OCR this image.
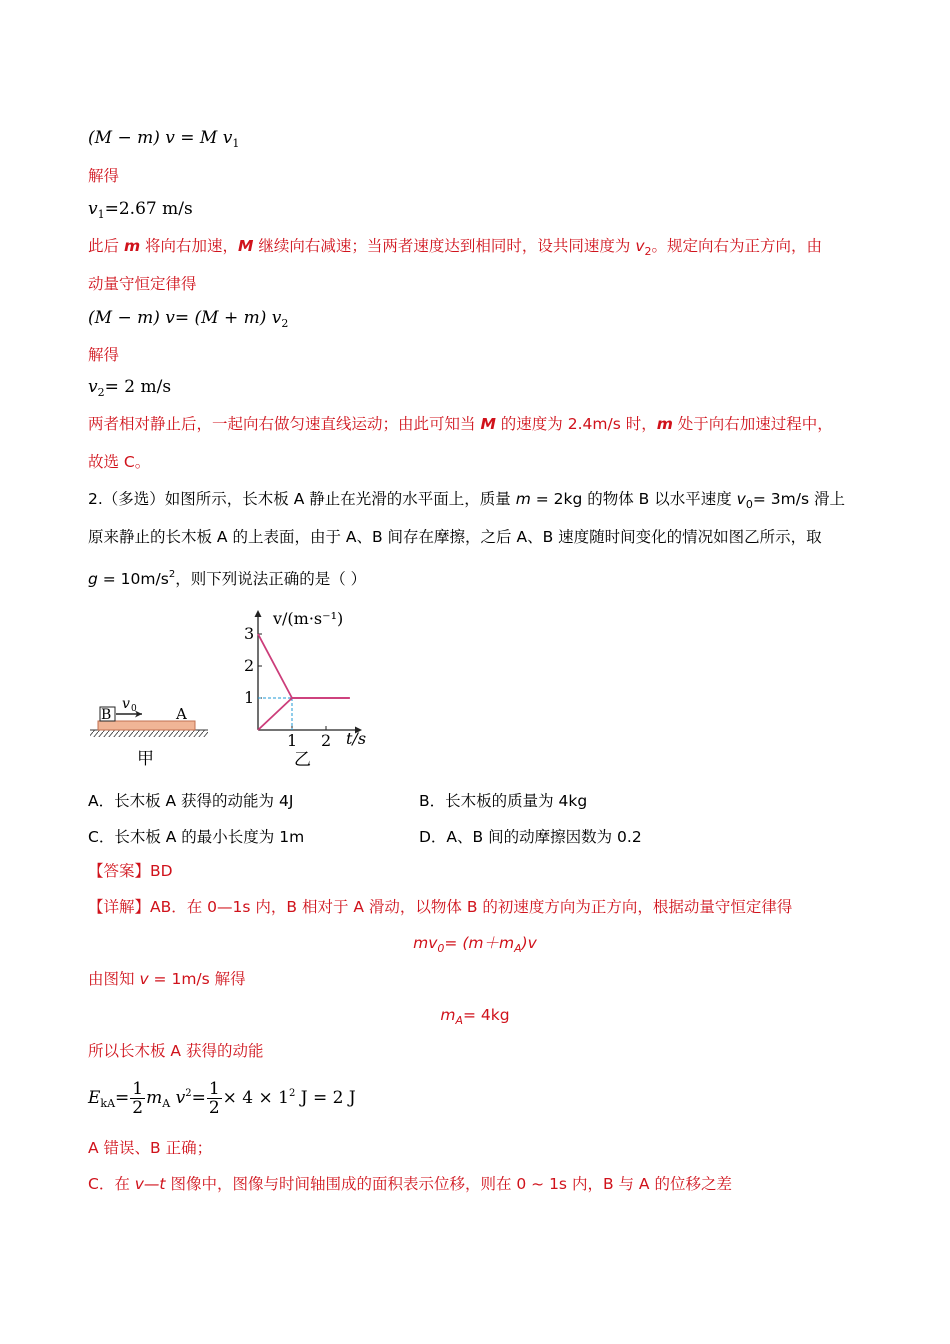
(M − m) v = M $v_1$
解得
$v_1=2.67$ m/s
此后 m 将向右加速，M 继续向右减速；当两者速度达到相同时，设共同速度为 $v_2$。规定向右为正方向，由
动量守恒定律得
(M − m) v= (M + m) $v_2$
解得
$v_2= 2$ m/s
两者相对静止后，一起向右做匀速直线运动；由此可知当 M 的速度为 2.4m/s 时，m 处于向右加速过程中，
故选 C。
2.（多选）如图所示，长木板 A 静止在光滑的水平面上，质量 m = 2kg 的物体 B 以水平速度 $v_0= 3m/s$ 滑上
原来静止的长木板 A 的上表面，由于 A、B 间存在摩擦，之后 A、B 速度随时间变化的情况如图乙所示，取
$g = 10m/s^2$，则下列说法正确的是（ ）
B	A
v 0
甲
1
2
3
1 2
v/(m·s⁻¹)
t/s
乙
A．长木板 A 获得的动能为 4J	B．长木板的质量为 4kg
C．长木板 A 的最小长度为 1m	D．A、B 间的动摩擦因数为 0.2
【答案】BD
【详解】AB．在 0—1s 内，B 相对于 A 滑动，以物体 B 的初速度方向为正方向，根据动量守恒定律得
$mv_0= (m+m_A)v$
由图知 v = 1m/s 解得
$m_A= 4kg$
所以长木板 A 获得的动能
$E_{kA}= \frac{1}{2} m_A$ $v^2= \frac{1}{2} \times 4 \times 1^2$ J = 2 J
A 错误、B 正确；
C．在 v—t 图像中，图像与时间轴围成的面积表示位移，则在 0 ~ 1s 内，B 与 A 的位移之差
